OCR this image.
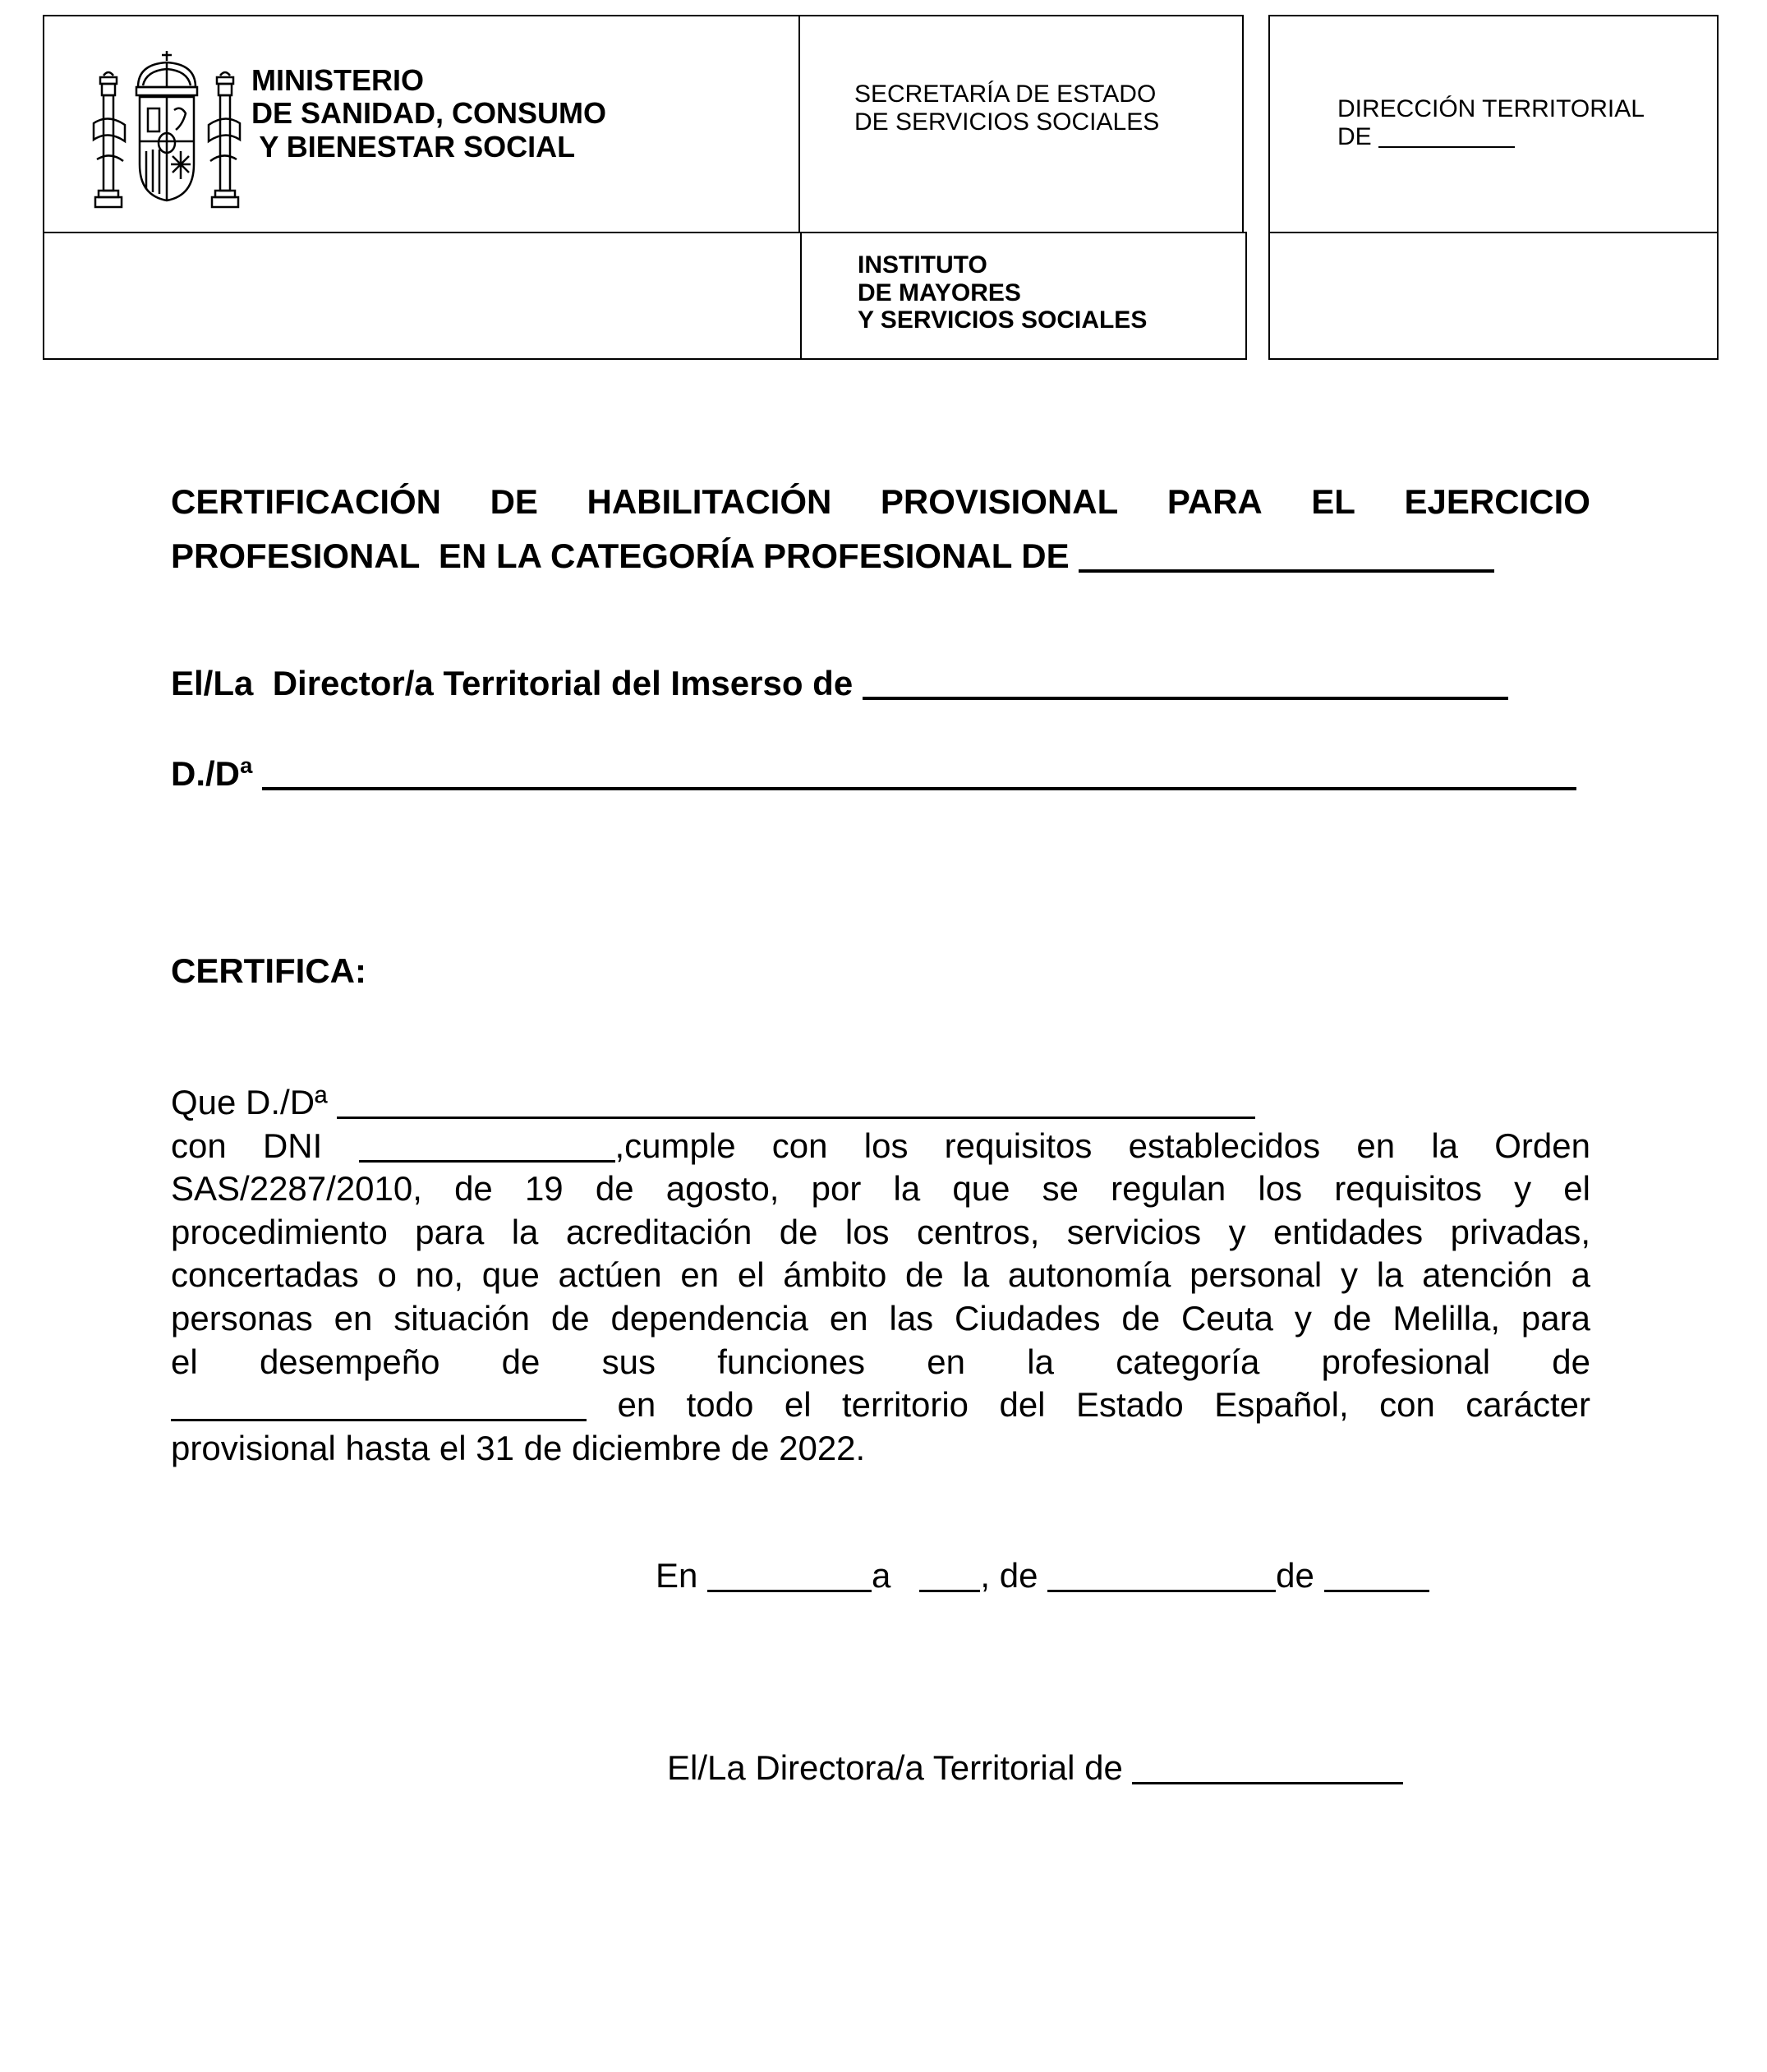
MINISTERIO
DE SANIDAD, CONSUMO
Y BIENESTAR SOCIAL
SECRETARÍA DE ESTADO
DE SERVICIOS SOCIALES	DIRECCIÓN TERRITORIAL
DE
INSTITUTO
DE MAYORES
Y SERVICIOS SOCIALES
CERTIFICACIÓN DE HABILITACIÓN PROVISIONAL PARA EL EJERCICIO
PROFESIONAL  EN LA CATEGORÍA PROFESIONAL DE
El/La  Director/a Territorial del Imserso de
D./Dª
CERTIFICA:
Que D./Dª
con DNI	,cumple con los requisitos establecidos en la Orden
SAS/2287/2010, de 19 de agosto, por la que se regulan los requisitos y el
procedimiento para la acreditación de los centros, servicios y entidades privadas,
concertadas o no, que actúen en el ámbito de la autonomía personal y la atención a
personas en situación de dependencia en las Ciudades de Ceuta y de Melilla, para
el desempeño de sus funciones en la categoría profesional de
en todo el territorio del Estado Español, con carácter
provisional hasta el 31 de diciembre de 2022.
En	a	, de	de
El/La Directora/a Territorial de
